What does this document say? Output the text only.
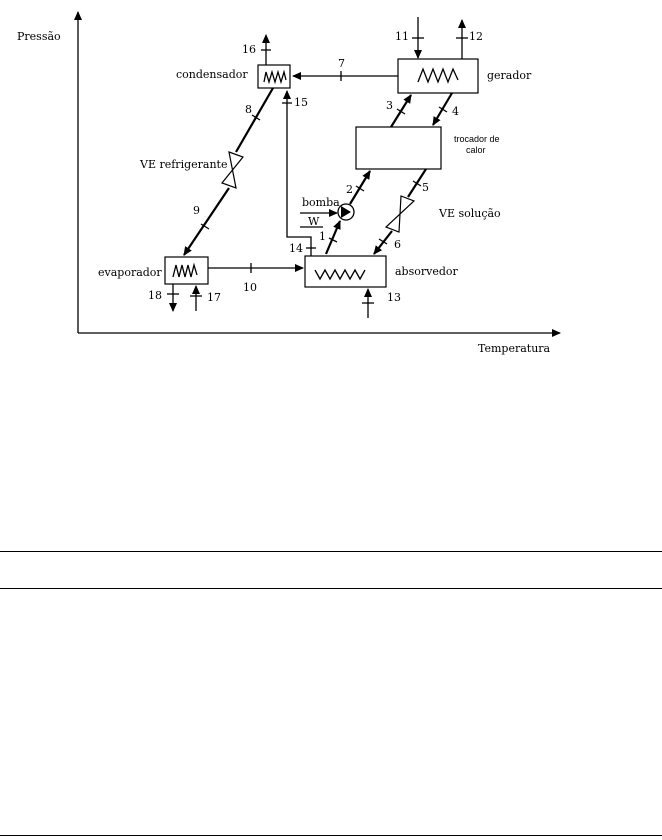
Pressão
Temperatura
condensador	gerador
trocador de
calor
evaporador	absorvedor
bomba
W
7
8
VE refrigerante
9
10
11	12
16
15
14
13
17
18
1
2
3	4
5
VE solução
6
